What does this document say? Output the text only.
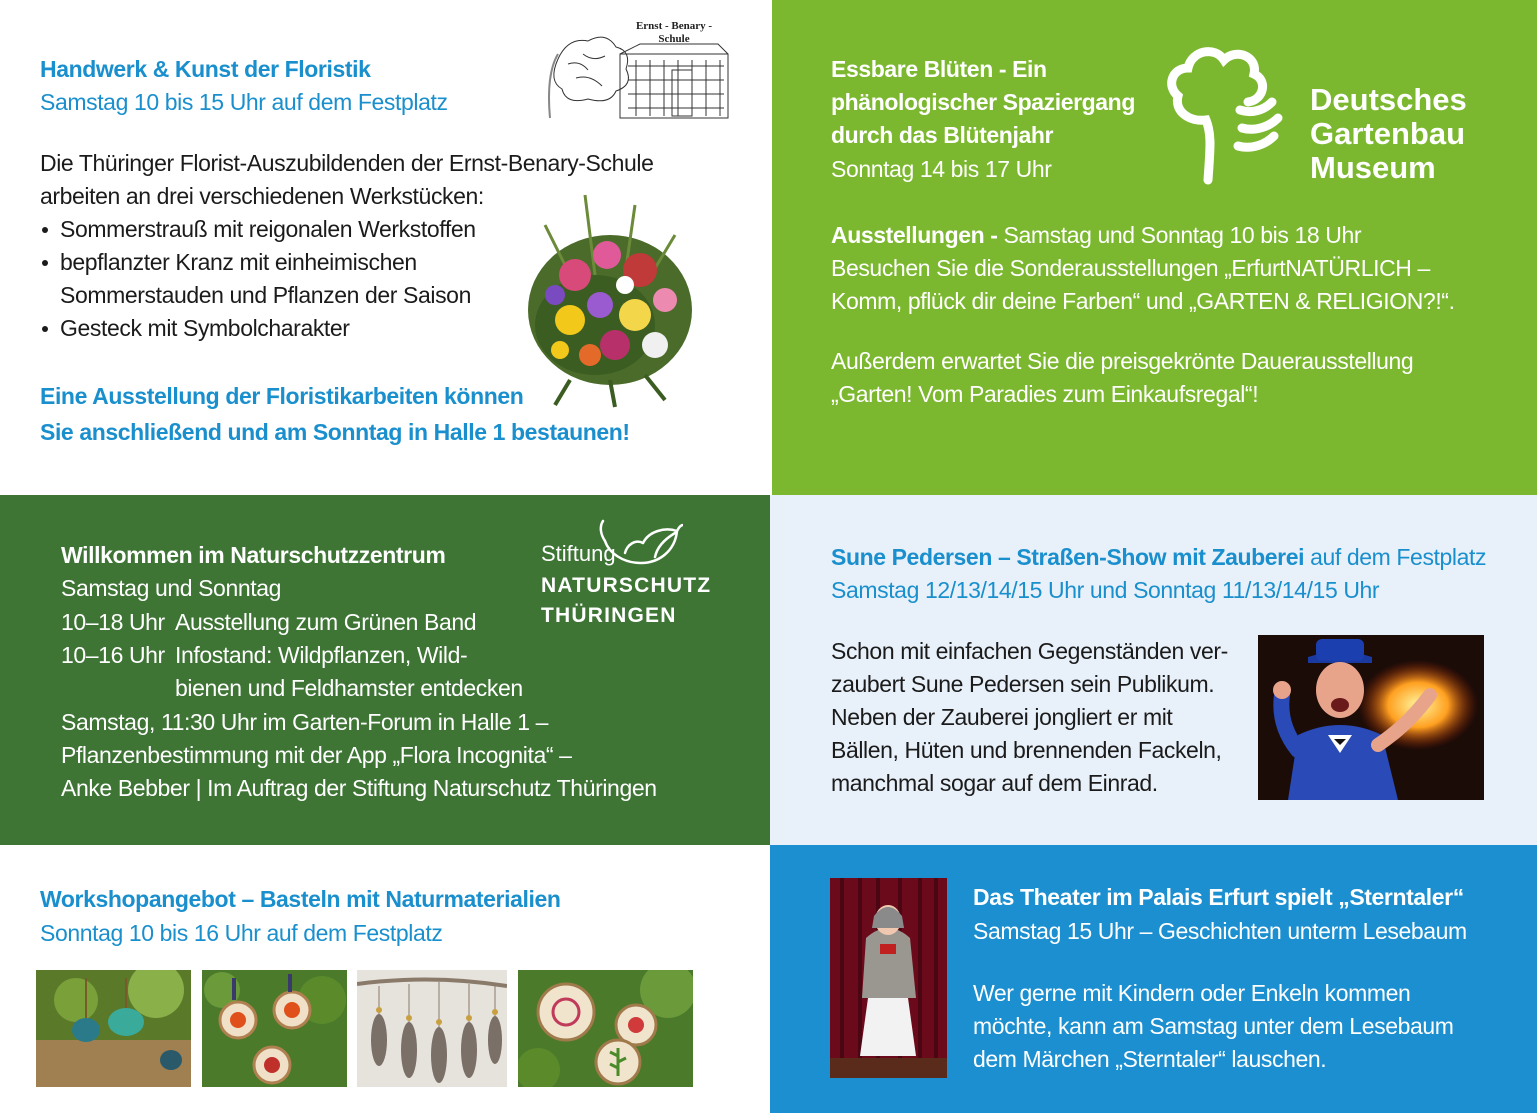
Handwerk & Kunst der Floristik
Samstag 10 bis 15 Uhr auf dem Festplatz
Ernst - Benary - Schule
Die Thüringer Florist-Auszubildenden der Ernst-Benary-Schule
arbeiten an drei verschiedenen Werkstücken:
Sommerstrauß mit reigonalen Werkstoffen
bepflanzter Kranz mit einheimischen
Sommerstauden und Pflanzen der Saison
Gesteck mit Symbolcharakter
Eine Ausstellung der Floristikarbeiten können
Sie anschließend und am Sonntag in Halle 1 bestaunen!
Essbare Blüten - Ein
phänologischer Spaziergang
durch das Blütenjahr
Sonntag 14 bis 17 Uhr
Deutsches
Gartenbau
Museum
Ausstellungen - Samstag und Sonntag 10 bis 18 Uhr
Besuchen Sie die Sonderausstellungen „ErfurtNATÜRLICH –
Komm, pflück dir deine Farben“ und „GARTEN & RELIGION?!“.
Außerdem erwartet Sie die preisgekrönte Dauerausstellung
„Garten! Vom Paradies zum Einkaufsregal“!
Willkommen im Naturschutzzentrum
Samstag und Sonntag
10–18 Uhr Ausstellung zum Grünen Band
10–16 Uhr Infostand: Wildpflanzen, Wild-
bienen und Feldhamster entdecken
Samstag, 11:30 Uhr im Garten-Forum in Halle 1 –
Pflanzenbestimmung mit der App „Flora Incognita“ –
Anke Bebber | Im Auftrag der Stiftung Naturschutz Thüringen
Stiftung
NATURSCHUTZ
THÜRINGEN
Sune Pedersen – Straßen-Show mit Zauberei auf dem Festplatz
Samstag 12/13/14/15 Uhr und Sonntag 11/13/14/15 Uhr
Schon mit einfachen Gegenständen ver-
zaubert Sune Pedersen sein Publikum.
Neben der Zauberei jongliert er mit
Bällen, Hüten und brennenden Fackeln,
manchmal sogar auf dem Einrad.
Workshopangebot – Basteln mit Naturmaterialien
Sonntag 10 bis 16 Uhr auf dem Festplatz
Das Theater im Palais Erfurt spielt „Sterntaler“
Samstag 15 Uhr – Geschichten unterm Lesebaum
Wer gerne mit Kindern oder Enkeln kommen
möchte, kann am Samstag unter dem Lesebaum
dem Märchen „Sterntaler“ lauschen.
